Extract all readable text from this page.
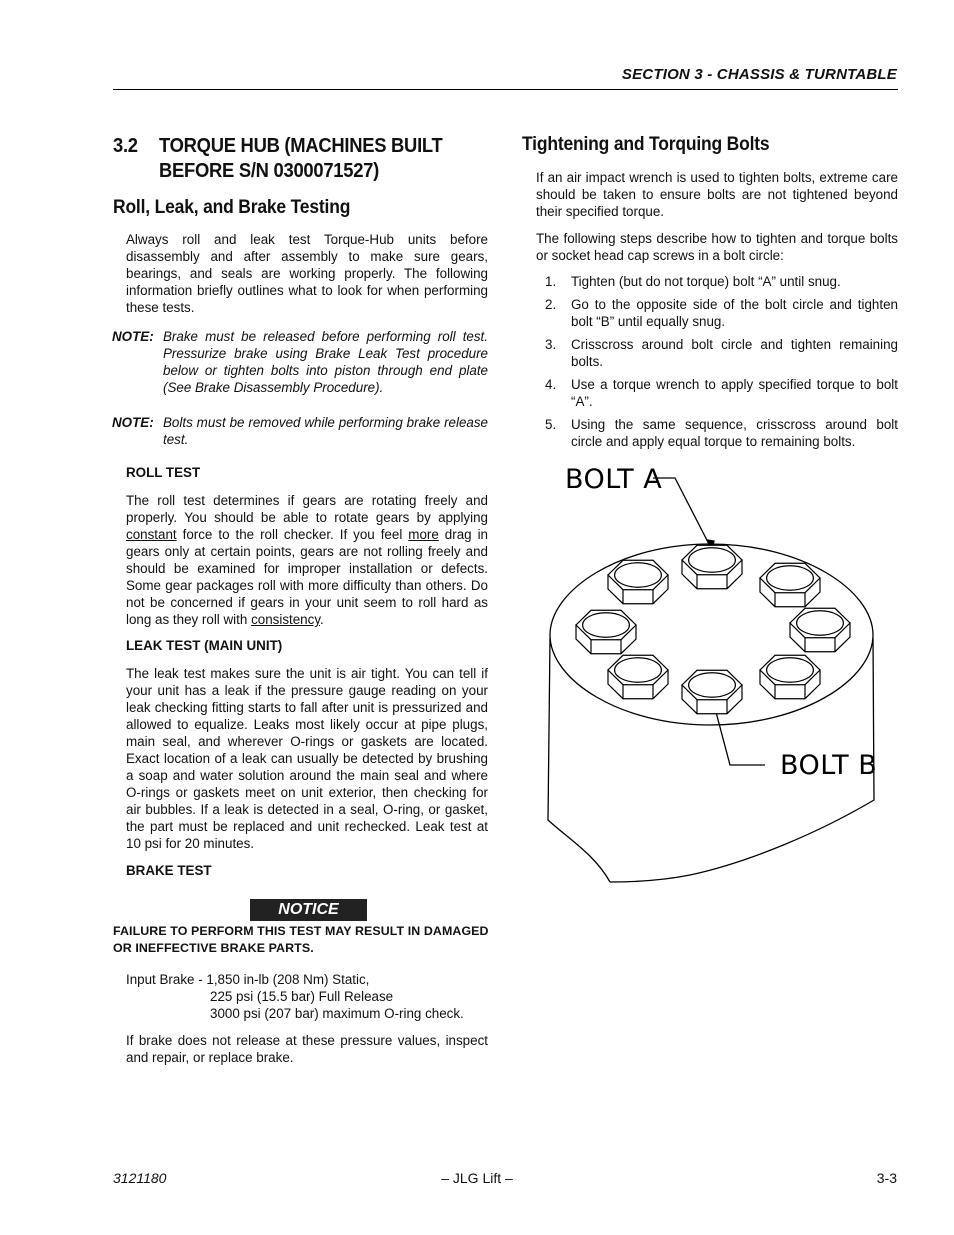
SECTION 3 - CHASSIS & TURNTABLE
3.2 TORQUE HUB (MACHINES BUILT
BEFORE S/N 0300071527)
Roll, Leak, and Brake Testing
Always roll and leak test Torque-Hub units before disassembly and after assembly to make sure gears, bearings, and seals are working properly. The following information briefly outlines what to look for when performing these tests.
NOTE: Brake must be released before performing roll test. Pressurize brake using Brake Leak Test procedure below or tighten bolts into piston through end plate (See Brake Disassembly Procedure).
NOTE: Bolts must be removed while performing brake release test.
ROLL TEST
The roll test determines if gears are rotating freely and properly. You should be able to rotate gears by applying constant force to the roll checker. If you feel more drag in gears only at certain points, gears are not rolling freely and should be examined for improper installation or defects. Some gear packages roll with more difficulty than others. Do not be concerned if gears in your unit seem to roll hard as long as they roll with consistency.
LEAK TEST (MAIN UNIT)
The leak test makes sure the unit is air tight. You can tell if your unit has a leak if the pressure gauge reading on your leak checking fitting starts to fall after unit is pressurized and allowed to equalize. Leaks most likely occur at pipe plugs, main seal, and wherever O-rings or gaskets are located. Exact location of a leak can usually be detected by brushing a soap and water solution around the main seal and where O-rings or gaskets meet on unit exterior, then checking for air bubbles. If a leak is detected in a seal, O-ring, or gasket, the part must be replaced and unit rechecked. Leak test at 10 psi for 20 minutes.
BRAKE TEST
NOTICE
FAILURE TO PERFORM THIS TEST MAY RESULT IN DAMAGED OR INEFFECTIVE BRAKE PARTS.
Input Brake - 1,850 in-lb (208 Nm) Static,
225 psi (15.5 bar) Full Release
3000 psi (207 bar) maximum O-ring check.
If brake does not release at these pressure values, inspect and repair, or replace brake.
Tightening and Torquing Bolts
If an air impact wrench is used to tighten bolts, extreme care should be taken to ensure bolts are not tightened beyond their specified torque.
The following steps describe how to tighten and torque bolts or socket head cap screws in a bolt circle:
1.	Tighten (but do not torque) bolt “A” until snug.
2.	Go to the opposite side of the bolt circle and tighten bolt “B” until equally snug.
3.	Crisscross around bolt circle and tighten remaining bolts.
4.	Use a torque wrench to apply specified torque to bolt “A”.
5.	Using the same sequence, crisscross around bolt circle and apply equal torque to remaining bolts.
BOLT A
BOLT B
3121180	– JLG Lift –	3-3
